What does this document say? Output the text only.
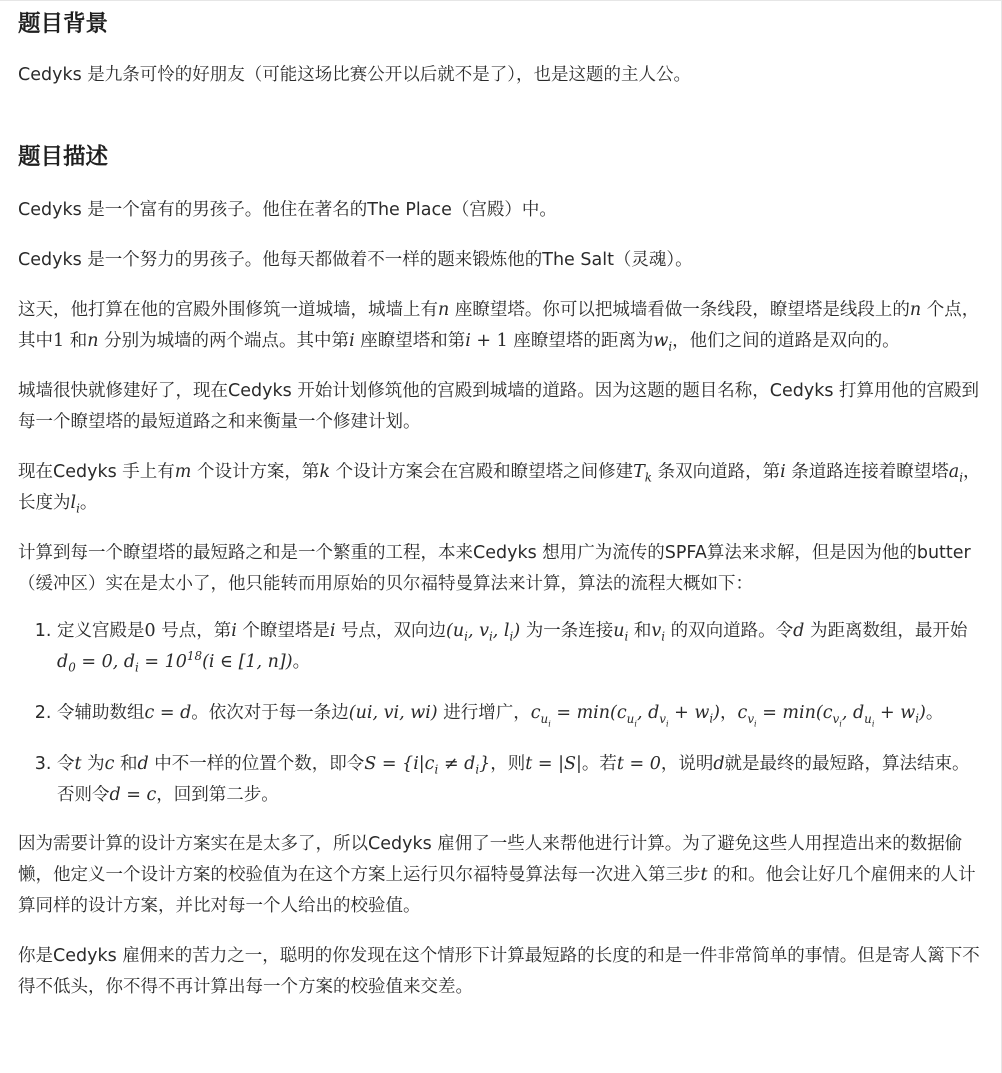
题目背景

Cedyks 是九条可怜的好朋友（可能这场比赛公开以后就不是了），也是这题的主人公。

题目描述

Cedyks 是一个富有的男孩子。他住在著名的The Place（宫殿）中。

Cedyks 是一个努力的男孩子。他每天都做着不一样的题来锻炼他的The Salt（灵魂）。

这天，他打算在他的宫殿外围修筑一道城墙，城墙上有n 座瞭望塔。你可以把城墙看做一条线段，瞭望塔是线段上的n 个点，其中1 和n 分别为城墙的两个端点。其中第i 座瞭望塔和第i + 1 座瞭望塔的距离为$w_i$，他们之间的道路是双向的。

城墙很快就修建好了，现在Cedyks 开始计划修筑他的宫殿到城墙的道路。因为这题的题目名称，Cedyks 打算用他的宫殿到每一个瞭望塔的最短道路之和来衡量一个修建计划。

现在Cedyks 手上有m 个设计方案，第k 个设计方案会在宫殿和瞭望塔之间修建$T_k$ 条双向道路，第i 条道路连接着瞭望塔$a_i$，长度为$l_i$。

计算到每一个瞭望塔的最短路之和是一个繁重的工程，本来Cedyks 想用广为流传的SPFA算法来求解，但是因为他的butter（缓冲区）实在是太小了，他只能转而用原始的贝尔福特曼算法来计算，算法的流程大概如下：

1. 定义宫殿是0 号点，第i 个瞭望塔是i 号点，双向边($u_i$, $v_i$, $l_i$) 为一条连接$u_i$ 和$v_i$ 的双向道路。令d 为距离数组，最开始$d_0 = 0$, $d_i = 10^{18}(i$ ∈ [1, n])。
2. 令辅助数组c = d。依次对于每一条边(ui, vi, wi) 进行增广，$c_{u_i} = \min(c_{u_i}$, $d_{v_i} + w_i$)，$c_{v_i} = \min(c_{v_i}$, $d_{u_i} + w_i$)。
3. 令t 为c 和d 中不一样的位置个数，即令$S = \{i|c_i \ne d_i\}$，则t = |S|。若t = 0，说明d就是最终的最短路，算法结束。否则令d = c，回到第二步。

因为需要计算的设计方案实在是太多了，所以Cedyks 雇佣了一些人来帮他进行计算。为了避免这些人用捏造出来的数据偷懒，他定义一个设计方案的校验值为在这个方案上运行贝尔福特曼算法每一次进入第三步t 的和。他会让好几个雇佣来的人计算同样的设计方案，并比对每一个人给出的校验值。

你是Cedyks 雇佣来的苦力之一，聪明的你发现在这个情形下计算最短路的长度的和是一件非常简单的事情。但是寄人篱下不得不低头，你不得不再计算出每一个方案的校验值来交差。
